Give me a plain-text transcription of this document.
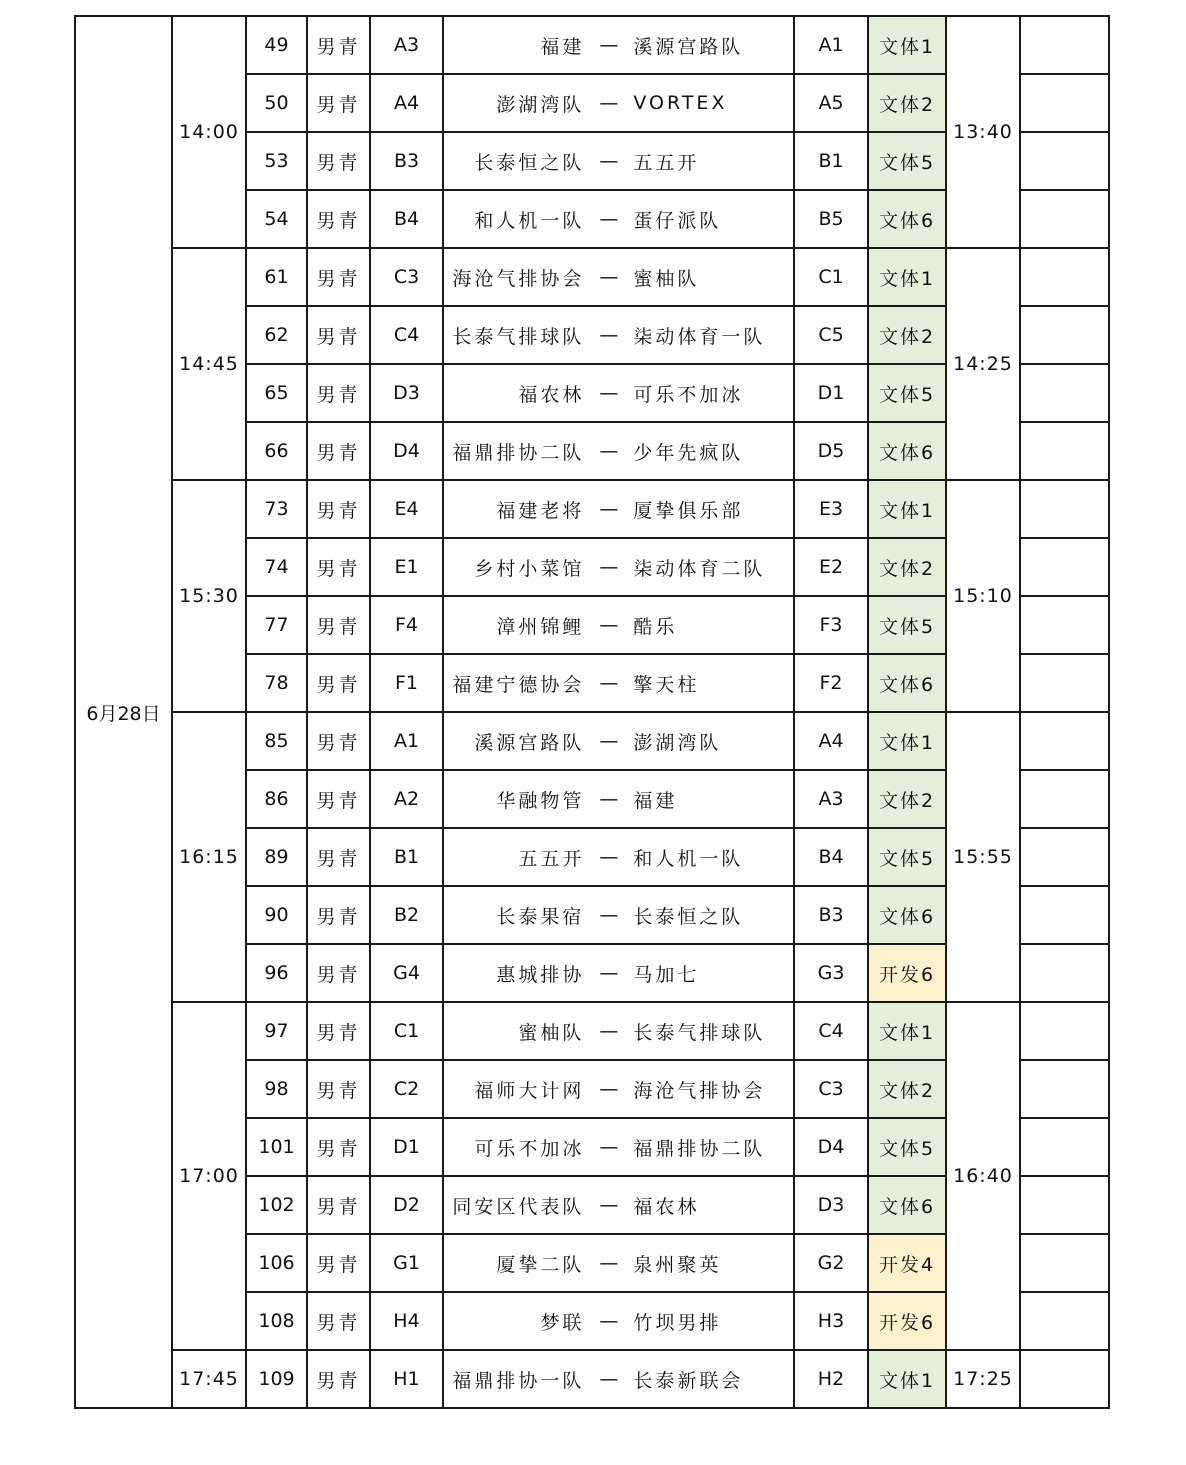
6月28日	14:00	49	男青	A3	福建 — 溪源宫路队	A1	文体1	13:40	
		50	男青	A4	澎湖湾队 — VORTEX	A5	文体2		
		53	男青	B3	长泰恒之队 — 五五开	B1	文体5		
		54	男青	B4	和人机一队 — 蛋仔派队	B5	文体6		
	14:45	61	男青	C3	海沧气排协会 — 蜜柚队	C1	文体1	14:25	
		62	男青	C4	长泰气排球队 — 柒动体育一队	C5	文体2		
		65	男青	D3	福农林 — 可乐不加冰	D1	文体5		
		66	男青	D4	福鼎排协二队 — 少年先疯队	D5	文体6		
	15:30	73	男青	E4	福建老将 — 厦挚俱乐部	E3	文体1	15:10	
		74	男青	E1	乡村小菜馆 — 柒动体育二队	E2	文体2		
		77	男青	F4	漳州锦鲤 — 酷乐	F3	文体5		
		78	男青	F1	福建宁德协会 — 擎天柱	F2	文体6		
	16:15	85	男青	A1	溪源宫路队 — 澎湖湾队	A4	文体1	15:55	
		86	男青	A2	华融物管 — 福建	A3	文体2		
		89	男青	B1	五五开 — 和人机一队	B4	文体5		
		90	男青	B2	长泰果宿 — 长泰恒之队	B3	文体6		
		96	男青	G4	惠城排协 — 马加七	G3	开发6		
	17:00	97	男青	C1	蜜柚队 — 长泰气排球队	C4	文体1	16:40	
		98	男青	C2	福师大计网 — 海沧气排协会	C3	文体2		
		101	男青	D1	可乐不加冰 — 福鼎排协二队	D4	文体5		
		102	男青	D2	同安区代表队 — 福农林	D3	文体6		
		106	男青	G1	厦挚二队 — 泉州聚英	G2	开发4		
		108	男青	H4	梦联 — 竹坝男排	H3	开发6		
	17:45	109	男青	H1	福鼎排协一队 — 长泰新联会	H2	文体1	17:25	
